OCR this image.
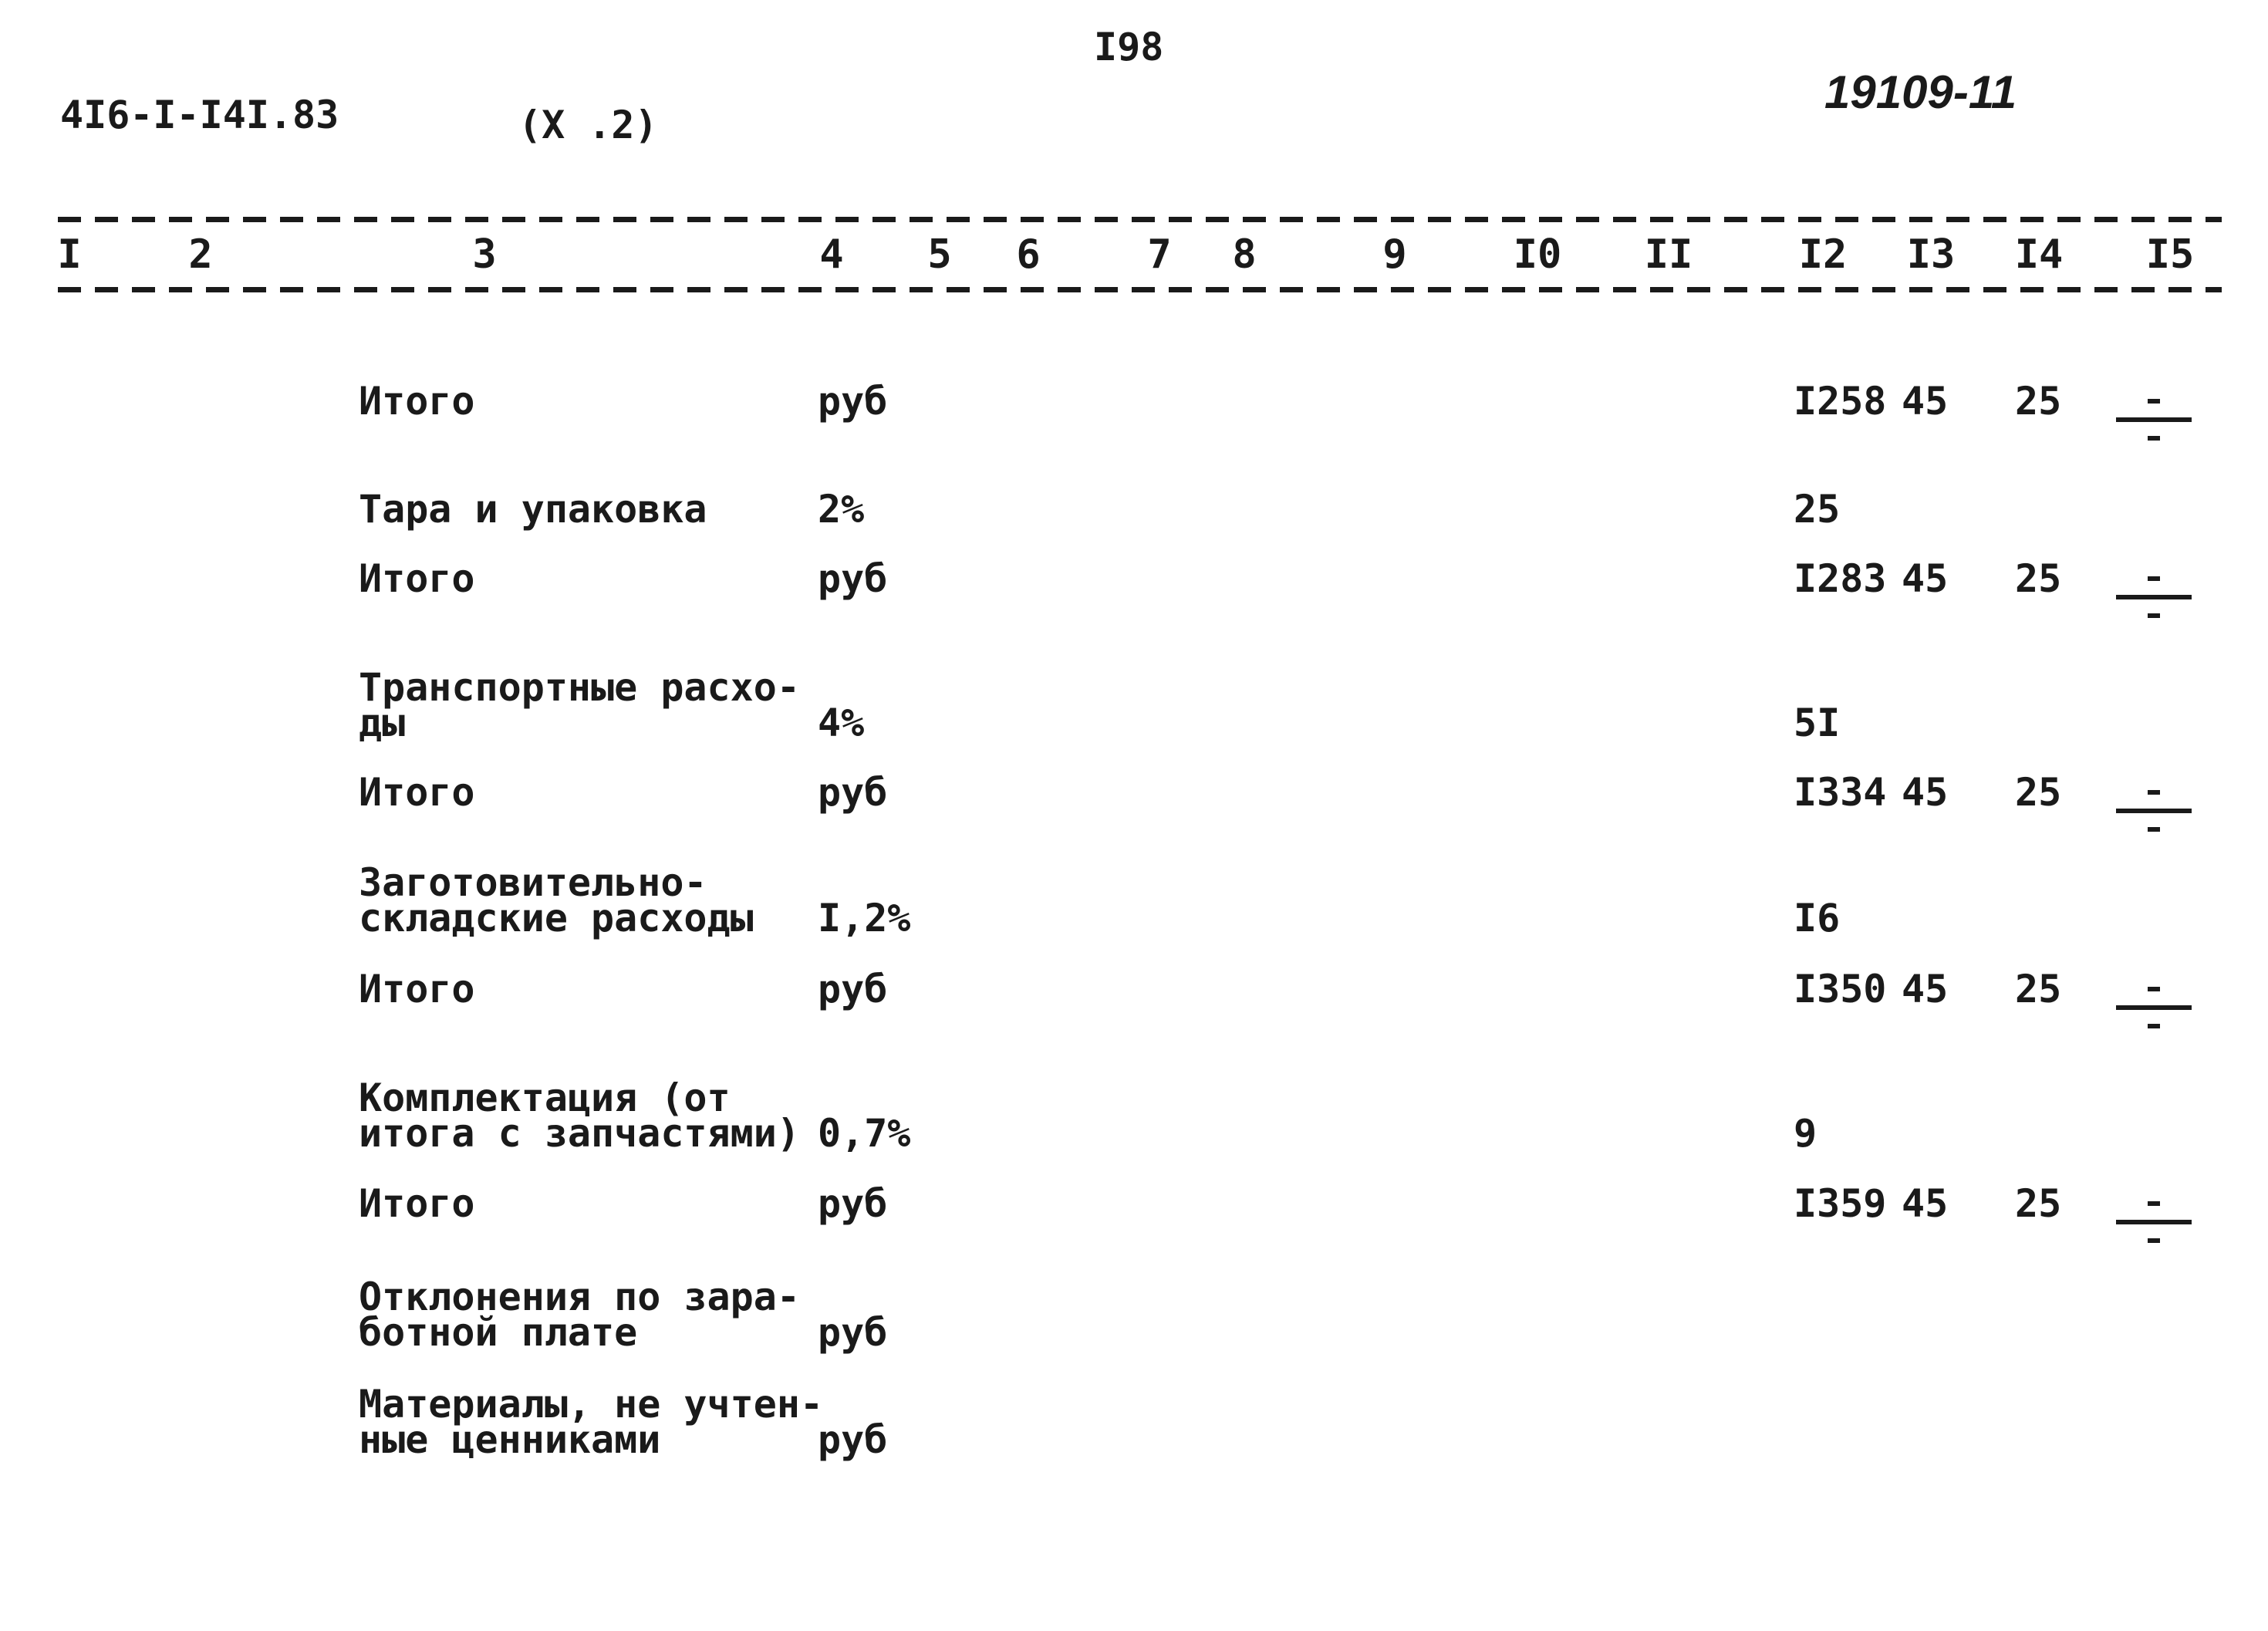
4I6-I-I4I.83	(X .2)
I98
19109-11
I	2	3	4 5 6	7 8	9	I0 II	I2 I3 I4 I5
Итого	руб	I258 45 25
Тара и упаковка	2%	25
Итого	руб	I283 45 25
Транспортные расхо-
ды	4%	5I
Итого	руб	I334 45 25
Заготовительно-
складские расходы I,2%	I6
Итого	руб	I350 45 25
Комплектация (от
итога с запчастями) 0,7%	9
Итого	руб	I359 45 25
Отклонения по зара-
ботной плате	руб
Материалы, не учтен-
ные ценниками	руб
